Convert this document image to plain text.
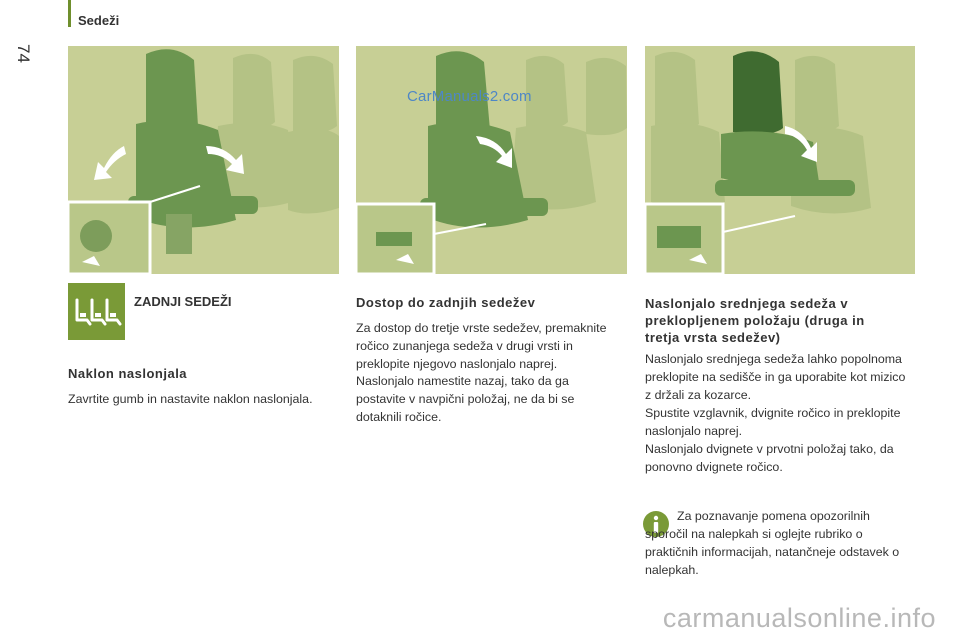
74
Sedeži
CarManuals2.com
ZADNJI SEDEŽI
Naklon naslonjala

Zavrtite gumb in nastavite naklon naslonjala.

Dostop do zadnjih sedežev

Za dostop do tretje vrste sedežev, premaknite ročico zunanjega sedeža v drugi vrsti in preklopite njegovo naslonjalo naprej.

Naslonjalo namestite nazaj, tako da ga postavite v navpični položaj, ne da bi se dotaknili ročice.

Naslonjalo srednjega sedeža v preklopljenem položaju (druga in tretja vrsta sedežev)

Naslonjalo srednjega sedeža lahko popolnoma preklopite na sedišče in ga uporabite kot mizico z držali za kozarce.

Spustite vzglavnik, dvignite ročico in preklopite naslonjalo naprej.

Naslonjalo dvignete v prvotni položaj tako, da ponovno dvignete ročico.

Za poznavanje pomena opozorilnih sporočil na nalepkah si oglejte rubriko o praktičnih informacijah, natančneje odstavek o nalepkah.

carmanualsonline.info
